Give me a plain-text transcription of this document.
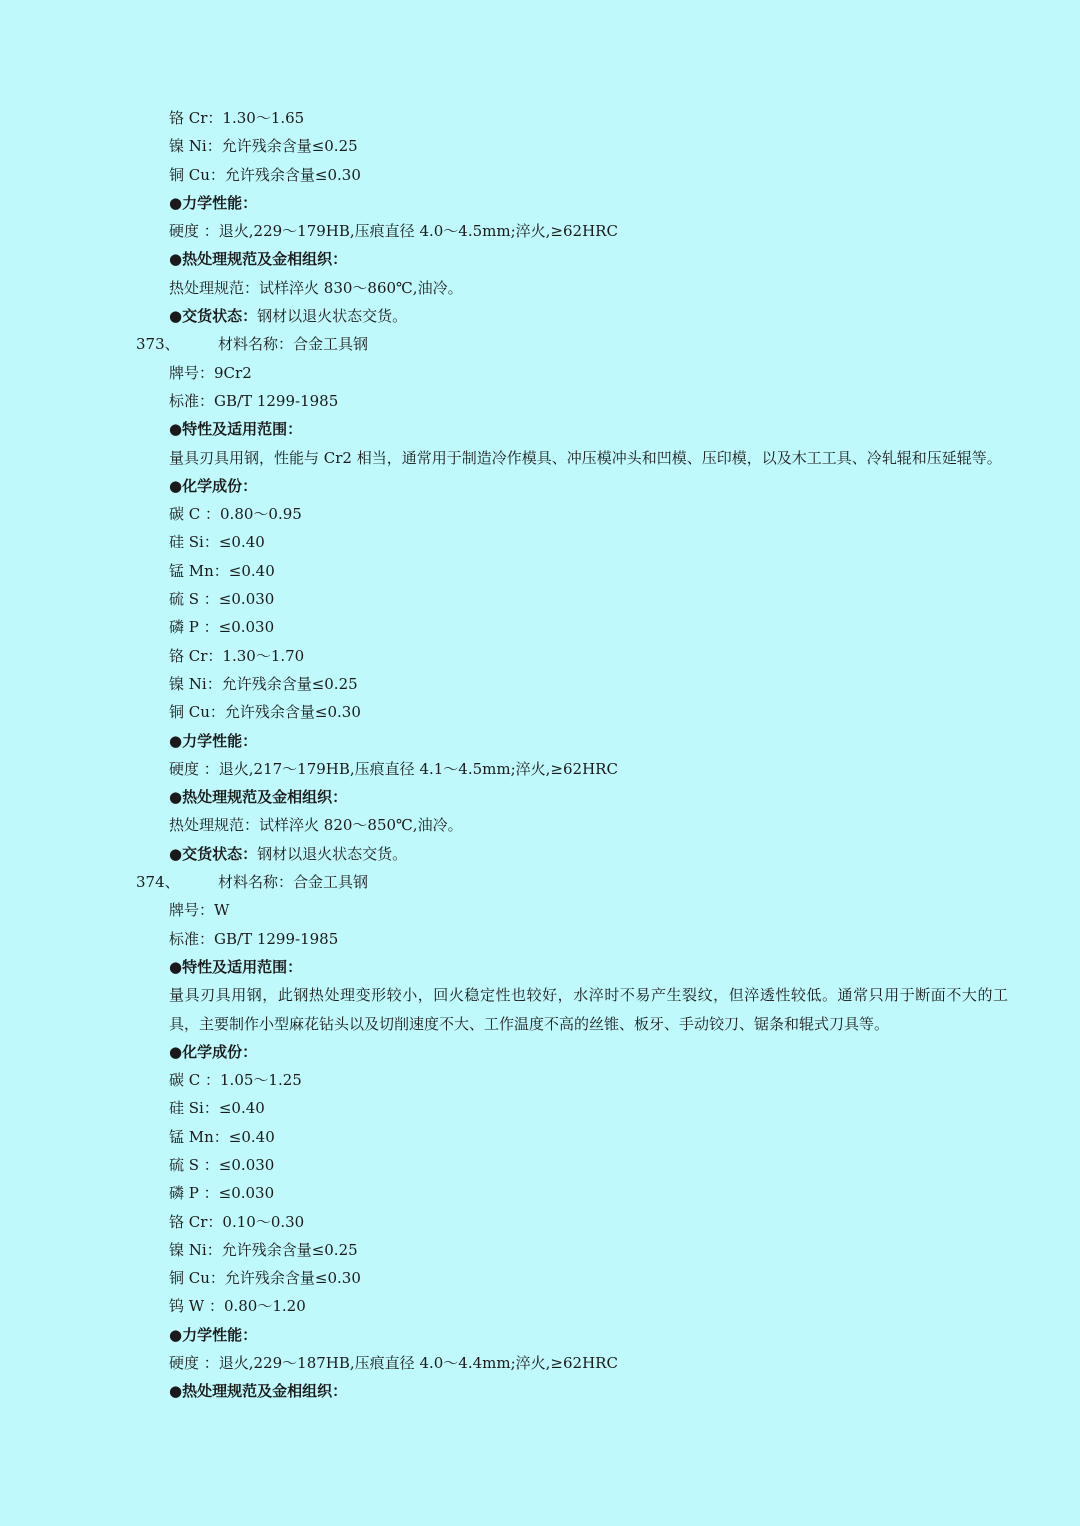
铬 Cr：1.30～1.65
镍 Ni：允许残余含量≤0.25
铜 Cu：允许残余含量≤0.30
●力学性能：
硬度 ：退火,229～179HB,压痕直径 4.0～4.5mm;淬火,≥62HRC
●热处理规范及金相组织：
热处理规范：试样淬火 830～860℃,油冷。
●交货状态：钢材以退火状态交货。
373、	材料名称：合金工具钢
牌号：9Cr2
标准：GB/T 1299-1985
●特性及适用范围：
量具刃具用钢，性能与 Cr2 相当，通常用于制造冷作模具、冲压模冲头和凹模、压印模，以及木工工具、冷轧辊和压延辊等。
●化学成份：
碳 C ：0.80～0.95
硅 Si：≤0.40
锰 Mn：≤0.40
硫 S ：≤0.030
磷 P ：≤0.030
铬 Cr：1.30～1.70
镍 Ni：允许残余含量≤0.25
铜 Cu：允许残余含量≤0.30
●力学性能：
硬度 ：退火,217～179HB,压痕直径 4.1～4.5mm;淬火,≥62HRC
●热处理规范及金相组织：
热处理规范：试样淬火 820～850℃,油冷。
●交货状态：钢材以退火状态交货。
374、	材料名称：合金工具钢
牌号：W
标准：GB/T 1299-1985
●特性及适用范围：
量具刃具用钢，此钢热处理变形较小，回火稳定性也较好，水淬时不易产生裂纹，但淬透性较低。通常只用于断面不大的工具，主要制作小型麻花钻头以及切削速度不大、工作温度不高的丝锥、板牙、手动铰刀、锯条和辊式刀具等。
●化学成份：
碳 C ：1.05～1.25
硅 Si：≤0.40
锰 Mn：≤0.40
硫 S ：≤0.030
磷 P ：≤0.030
铬 Cr：0.10～0.30
镍 Ni：允许残余含量≤0.25
铜 Cu：允许残余含量≤0.30
钨 W ：0.80～1.20
●力学性能：
硬度 ：退火,229～187HB,压痕直径 4.0～4.4mm;淬火,≥62HRC
●热处理规范及金相组织：
